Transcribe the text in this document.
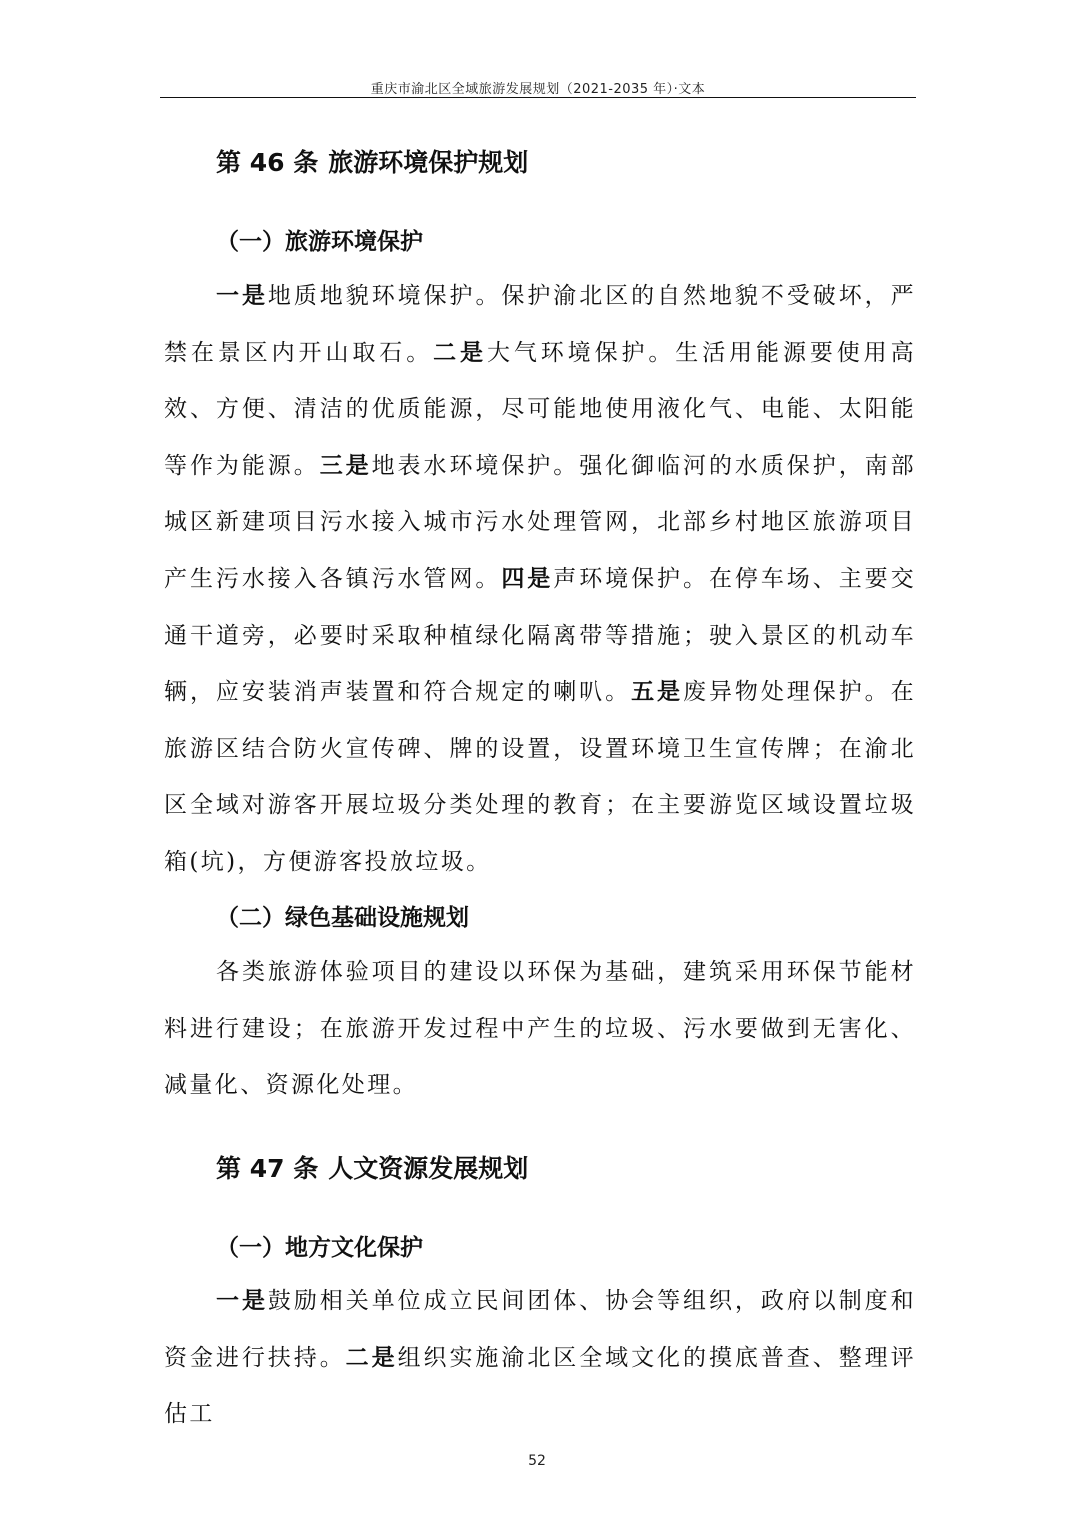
重庆市渝北区全域旅游发展规划（2021-2035 年）·文本
第 46 条 旅游环境保护规划
（一）旅游环境保护
一是地质地貌环境保护。保护渝北区的自然地貌不受破坏，严禁在景区内开山取石。二是大气环境保护。生活用能源要使用高效、方便、清洁的优质能源，尽可能地使用液化气、电能、太阳能等作为能源。三是地表水环境保护。强化御临河的水质保护，南部城区新建项目污水接入城市污水处理管网，北部乡村地区旅游项目产生污水接入各镇污水管网。四是声环境保护。在停车场、主要交通干道旁，必要时采取种植绿化隔离带等措施；驶入景区的机动车辆，应安装消声装置和符合规定的喇叭。五是废异物处理保护。在旅游区结合防火宣传碑、牌的设置，设置环境卫生宣传牌；在渝北区全域对游客开展垃圾分类处理的教育；在主要游览区域设置垃圾箱(坑)，方便游客投放垃圾。
（二）绿色基础设施规划
各类旅游体验项目的建设以环保为基础，建筑采用环保节能材料进行建设；在旅游开发过程中产生的垃圾、污水要做到无害化、减量化、资源化处理。
第 47 条 人文资源发展规划
（一）地方文化保护
一是鼓励相关单位成立民间团体、协会等组织，政府以制度和资金进行扶持。二是组织实施渝北区全域文化的摸底普查、整理评估工
52
